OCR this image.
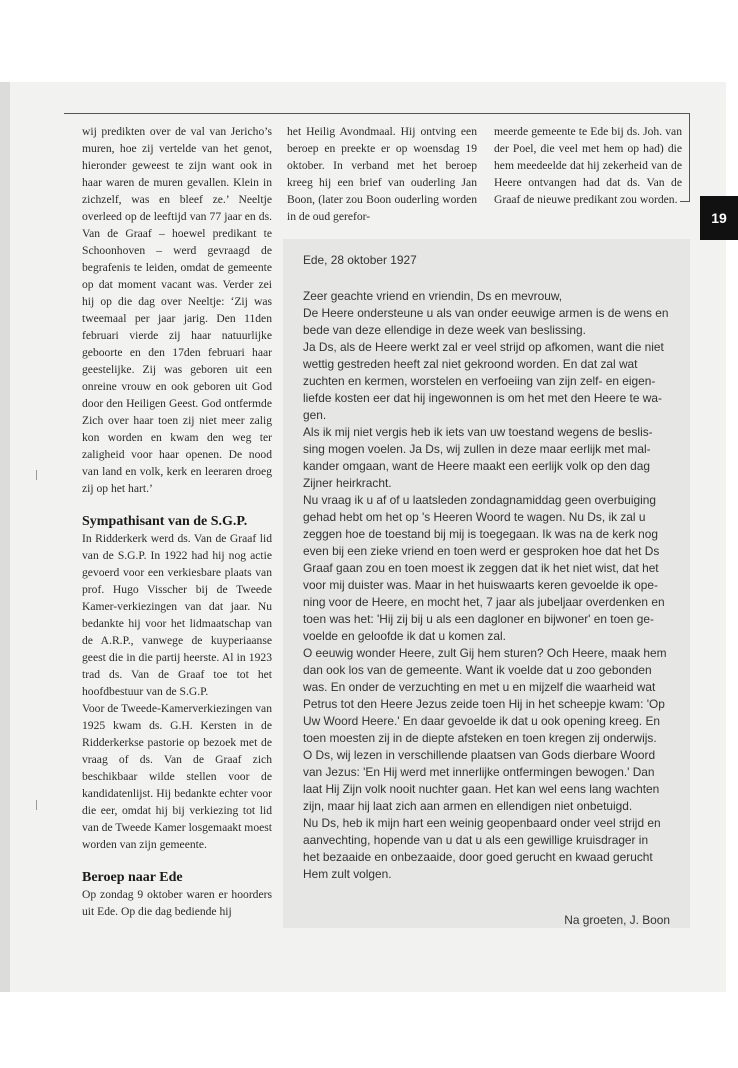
19

wij predikten over de val van Jericho’s muren, hoe zij vertelde van het genot, hieronder geweest te zijn want ook in haar waren de muren gevallen. Klein in zichzelf, was en bleef ze.’ Neeltje overleed op de leeftijd van 77 jaar en ds. Van de Graaf – hoewel predikant te Schoonhoven – werd gevraagd de begrafenis te leiden, omdat de gemeente op dat moment vacant was. Verder zei hij op die dag over Neeltje: ‘Zij was tweemaal per jaar jarig. Den 11den februari vierde zij haar natuurlijke geboorte en den 17den februari haar geestelijke. Zij was geboren uit een onreine vrouw en ook geboren uit God door den Heiligen Geest. God ontfermde Zich over haar toen zij niet meer zalig kon worden en kwam den weg ter zaligheid voor haar openen. De nood van land en volk, kerk en leeraren droeg zij op het hart.’

Sympathisant van de S.G.P.

In Ridderkerk werd ds. Van de Graaf lid van de S.G.P. In 1922 had hij nog actie gevoerd voor een verkiesbare plaats van prof. Hugo Visscher bij de Tweede Kamer-verkiezingen van dat jaar. Nu bedankte hij voor het lidmaatschap van de A.R.P., vanwege de kuyperiaanse geest die in die partij heerste. Al in 1923 trad ds. Van de Graaf toe tot het hoofdbestuur van de S.G.P.

Voor de Tweede-Kamerverkiezingen van 1925 kwam ds. G.H. Kersten in de Ridderkerkse pastorie op bezoek met de vraag of ds. Van de Graaf zich beschikbaar wilde stellen voor de kandidatenlijst. Hij bedankte echter voor die eer, omdat hij bij verkiezing tot lid van de Tweede Kamer losgemaakt moest worden van zijn gemeente.

Beroep naar Ede

Op zondag 9 oktober waren er hoorders uit Ede. Op die dag bediende hij

het Heilig Avondmaal. Hij ontving een beroep en preekte er op woensdag 19 oktober. In verband met het beroep kreeg hij een brief van ouderling Jan Boon, (later zou Boon ouderling worden in de oud gerefor-

meerde gemeente te Ede bij ds. Joh. van der Poel, die veel met hem op had) die hem meedeelde dat hij zekerheid van de Heere ontvangen had dat ds. Van de Graaf de nieuwe predikant zou worden.

Ede, 28 oktober 1927
Zeer geachte vriend en vriendin, Ds en mevrouw,
De Heere ondersteune u als van onder eeuwige armen is de wens en
bede van deze ellendige in deze week van beslissing.
Ja Ds, als de Heere werkt zal er veel strijd op afkomen, want die niet
wettig gestreden heeft zal niet gekroond worden. En dat zal wat
zuchten en kermen, worstelen en verfoeiing van zijn zelf- en eigen-
liefde kosten eer dat hij ingewonnen is om het met den Heere te wa-
gen.
Als ik mij niet vergis heb ik iets van uw toestand wegens de beslis-
sing mogen voelen. Ja Ds, wij zullen in deze maar eerlijk met mal-
kander omgaan, want de Heere maakt een eerlijk volk op den dag
Zijner heirkracht.
Nu vraag ik u af of u laatsleden zondagnamiddag geen overbuiging
gehad hebt om het op 's Heeren Woord te wagen. Nu Ds, ik zal u
zeggen hoe de toestand bij mij is toegegaan. Ik was na de kerk nog
even bij een zieke vriend en toen werd er gesproken hoe dat het Ds
Graaf gaan zou en toen moest ik zeggen dat ik het niet wist, dat het
voor mij duister was. Maar in het huiswaarts keren gevoelde ik ope-
ning voor de Heere, en mocht het, 7 jaar als jubeljaar overdenken en
toen was het: 'Hij zij bij u als een dagloner en bijwoner' en toen ge-
voelde en geloofde ik dat u komen zal.
O eeuwig wonder Heere, zult Gij hem sturen? Och Heere, maak hem
dan ook los van de gemeente. Want ik voelde dat u zoo gebonden
was. En onder de verzuchting en met u en mijzelf die waarheid wat
Petrus tot den Heere Jezus zeide toen Hij in het scheepje kwam: 'Op
Uw Woord Heere.' En daar gevoelde ik dat u ook opening kreeg. En
toen moesten zij in de diepte afsteken en toen kregen zij onderwijs.
O Ds, wij lezen in verschillende plaatsen van Gods dierbare Woord
van Jezus: 'En Hij werd met innerlijke ontfermingen bewogen.' Dan
laat Hij Zijn volk nooit nuchter gaan. Het kan wel eens lang wachten
zijn, maar hij laat zich aan armen en ellendigen niet onbetuigd.
Nu Ds, heb ik mijn hart een weinig geopenbaard onder veel strijd en
aanvechting, hopende van u dat u als een gewillige kruisdrager in
het bezaaide en onbezaaide, door goed gerucht en kwaad gerucht
Hem zult volgen.
Na groeten, J. Boon
